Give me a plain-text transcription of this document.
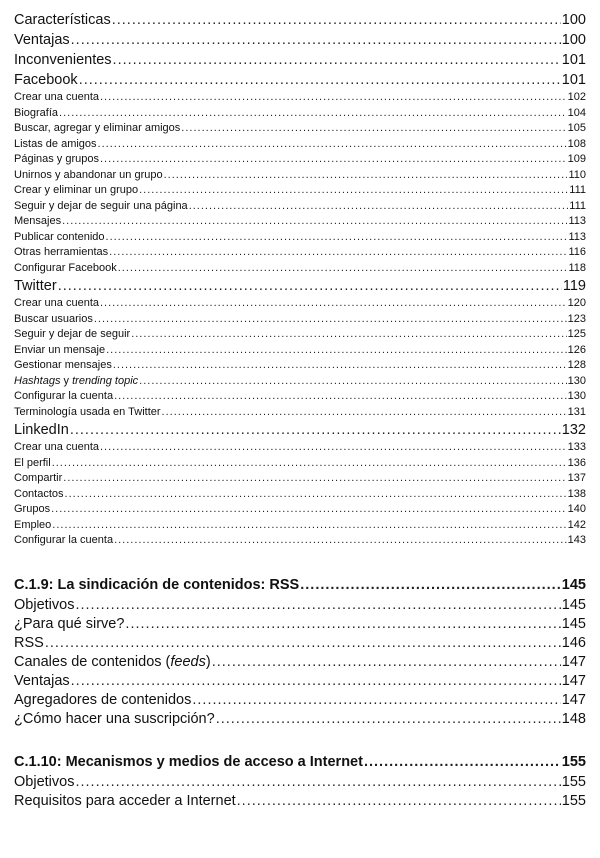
Características .....	100
Ventajas .....	100
Inconvenientes .....	101
Facebook .....	101
Crear una cuenta .....	102
Biografía .....	104
Buscar, agregar y eliminar amigos .....	105
Listas de amigos .....	108
Páginas y grupos .....	109
Unirnos y abandonar un grupo .....	110
Crear y eliminar un grupo .....	111
Seguir y dejar de seguir una página .....	111
Mensajes .....	113
Publicar contenido .....	113
Otras herramientas .....	116
Configurar Facebook .....	118
Twitter .....	119
Crear una cuenta .....	120
Buscar usuarios .....	123
Seguir y dejar de seguir .....	125
Enviar un mensaje .....	126
Gestionar mensajes .....	128
Hashtags y trending topic .....	130
Configurar la cuenta .....	130
Terminología usada en Twitter .....	131
LinkedIn .....	132
Crear una cuenta .....	133
El perfil .....	136
Compartir .....	137
Contactos .....	138
Grupos .....	140
Empleo .....	142
Configurar la cuenta .....	143
C.1.9: La sindicación de contenidos: RSS .....	145
Objetivos .....	145
¿Para qué sirve? .....	145
RSS .....	146
Canales de contenidos (feeds) .....	147
Ventajas .....	147
Agregadores de contenidos .....	147
¿Cómo hacer una suscripción? .....	148
C.1.10: Mecanismos y medios de acceso a Internet .....	155
Objetivos .....	155
Requisitos para acceder a Internet .....	155
